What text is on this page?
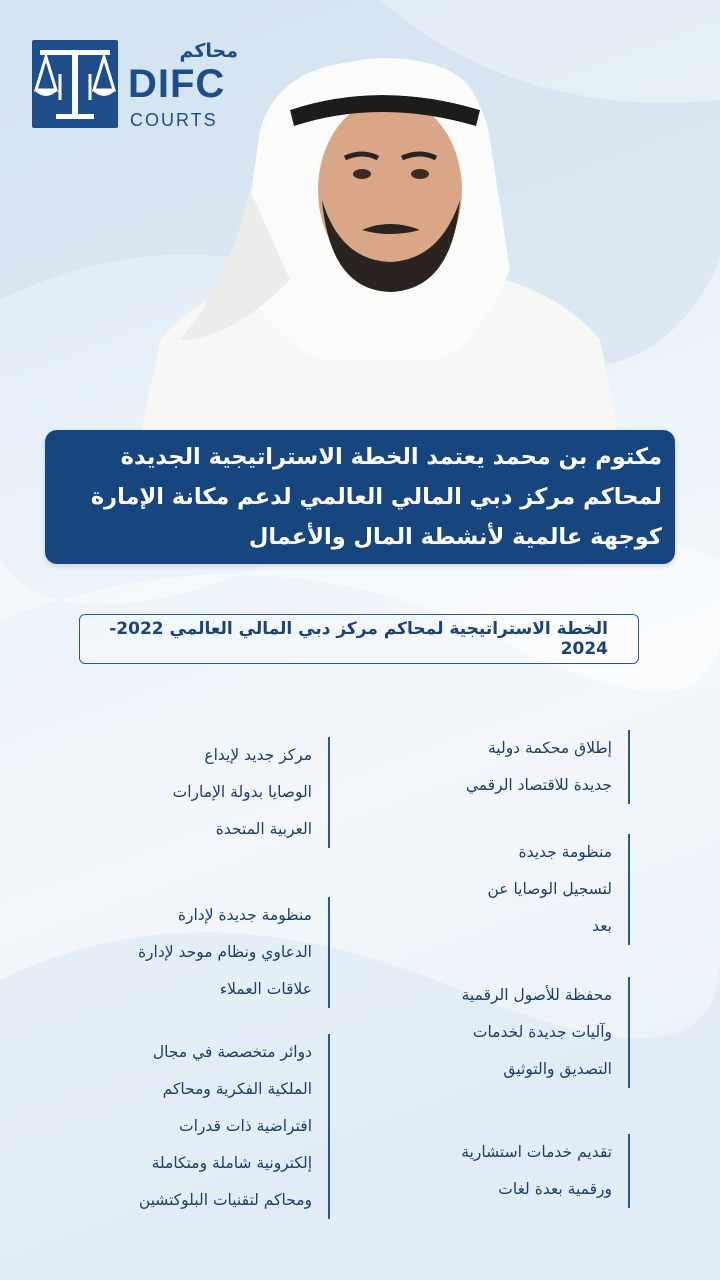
محاكم
DIFC
COURTS
مكتوم بن محمد يعتمد الخطة الاستراتيجية الجديدة لمحاكم مركز دبي المالي العالمي لدعم مكانة الإمارة كوجهة عالمية لأنشطة المال والأعمال
الخطة الاستراتيجية لمحاكم مركز دبي المالي العالمي 2022-2024
إطلاق محكمة دولية
جديدة للاقتصاد الرقمي
منظومة جديدة
لتسجيل الوصايا عن
بعد
محفظة للأصول الرقمية
وآليات جديدة لخدمات
التصديق والتوثيق
تقديم خدمات استشارية
ورقمية بعدة لغات
مركز جديد لإيداع
الوصايا بدولة الإمارات
العربية المتحدة
منظومة جديدة لإدارة
الدعاوي ونظام موحد لإدارة
علاقات العملاء
دوائر متخصصة في مجال
الملكية الفكرية ومحاكم
افتراضية ذات قدرات
إلكترونية شاملة ومتكاملة
ومحاكم لتقنيات البلوكتشين
